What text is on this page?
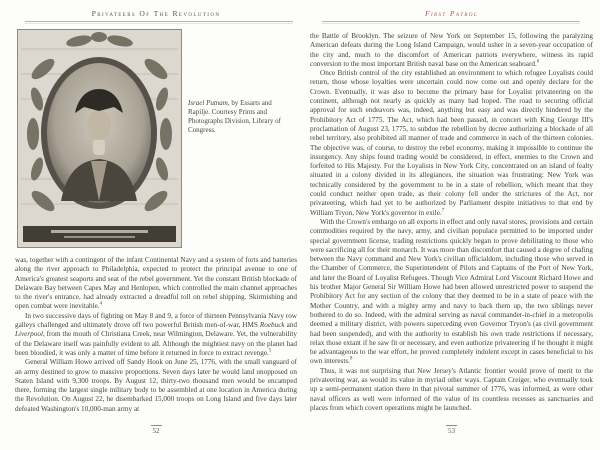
Privateers Of The Revolution
Israel Putnam, by Essarts and Rapilje. Courtesy Prints and Photographs Division, Library of Congress.

was, together with a contingent of the infant Continental Navy and a system of forts and batteries along the river approach to Philadelphia, expected to protect the principal avenue to one of America's greatest seaports and seat of the rebel government. Yet the constant British blockade of Delaware Bay between Capes May and Henlopen, which controlled the main channel approaches to the river's entrance, had already extracted a dreadful toll on rebel shipping. Skirmishing and open combat were inevitable.$^4$

In two successive days of fighting on May 8 and 9, a force of thirteen Pennsylvania Navy row galleys challenged and ultimately drove off two powerful British men-of-war, HMS Roebuck and Liverpool, from the mouth of Christiana Creek, near Wilmington, Delaware. Yet, the vulnerability of the Delaware itself was painfully evident to all. Although the mightiest navy on the planet had been bloodied, it was only a matter of time before it returned in force to extract revenge.$^5$

General William Howe arrived off Sandy Hook on June 25, 1776, with the small vanguard of an army destined to grow to massive proportions. Seven days later he would land unopposed on Staten Island with 9,300 troops. By August 12, thirty-two thousand men would be encamped there, forming the largest single military body to be assembled at one location in America during the Revolution. On August 22, he disembarked 15,000 troops on Long Island and five days later defeated Washington's 10,000-man army at

52
First Patrol

the Battle of Brooklyn. The seizure of New York on September 15, following the paralyzing American defeats during the Long Island Campaign, would usher in a seven-year occupation of the city and, much to the discomfort of American patriots everywhere, witness its rapid conversion to the most important British naval base on the American seaboard.$^6$

Once British control of the city established an environment to which refugee Loyalists could return, those whose loyalties were uncertain could now come out and openly declare for the Crown. Eventually, it was also to become the primary base for Loyalist privateering on the continent, although not nearly as quickly as many had hoped. The road to securing official approval for such endeavors was, indeed, anything but easy and was directly hindered by the Prohibitory Act of 1775. The Act, which had been passed, in concert with King George III's proclamation of August 23, 1775, to subdue the rebellion by decree authorizing a blockade of all rebel territory, also prohibited all manner of trade and commerce in each of the thirteen colonies. The objective was, of course, to destroy the rebel economy, making it impossible to continue the insurgency. Any ships found trading would be considered, in effect, enemies to the Crown and forfeited to His Majesty. For the Loyalists in New York City, concentrated on an island of fealty situated in a colony divided in its allegiances, the situation was frustrating: New York was technically considered by the government to be in a state of rebellion, which meant that they could conduct neither open trade, as their colony fell under the strictures of the Act, nor privateering, which had yet to be authorized by Parliament despite initiatives to that end by William Tryon, New York's governor in exile.$^7$

With the Crown's embargo on all exports in effect and only naval stores, provisions and certain commodities required by the navy, army, and civilian populace permitted to be imported under special government license, trading restrictions quickly began to prove debilitating to those who were sacrificing all for their monarch. It was more than discomfort that caused a degree of chafing between the Navy command and New York's civilian officialdom, including those who served in the Chamber of Commerce, the Superintendent of Pilots and Captains of the Port of New York, and later the Board of Loyalist Refugees. Though Vice Admiral Lord Viscount Richard Howe and his brother Major General Sir William Howe had been allowed unrestricted power to suspend the Prohibitory Act for any section of the colony that they deemed to be in a state of peace with the Mother Country, and with a mighty army and navy to back them up, the two siblings never bothered to do so. Indeed, with the admiral serving as naval commander-in-chief in a metropolis deemed a military district, with powers superceding even Governor Tryon's (as civil government had been suspended), and with the authority to establish his own trade restrictions if necessary, relax those extant if he saw fit or necessary, and even authorize privateering if he thought it might be advantageous to the war effort, he proved completely indolent except in cases beneficial to his own interests.$^8$

Thus, it was not surprising that New Jersey's Atlantic frontier would prove of merit to the privateering war, as would its value in myriad other ways. Captain Creiger, who eventually took up a semi-permanent station there in that pivotal summer of 1776, was informed, as were other naval officers as well were informed of the value of its countless recesses as sanctuaries and places from which covert operations might be launched.

53
